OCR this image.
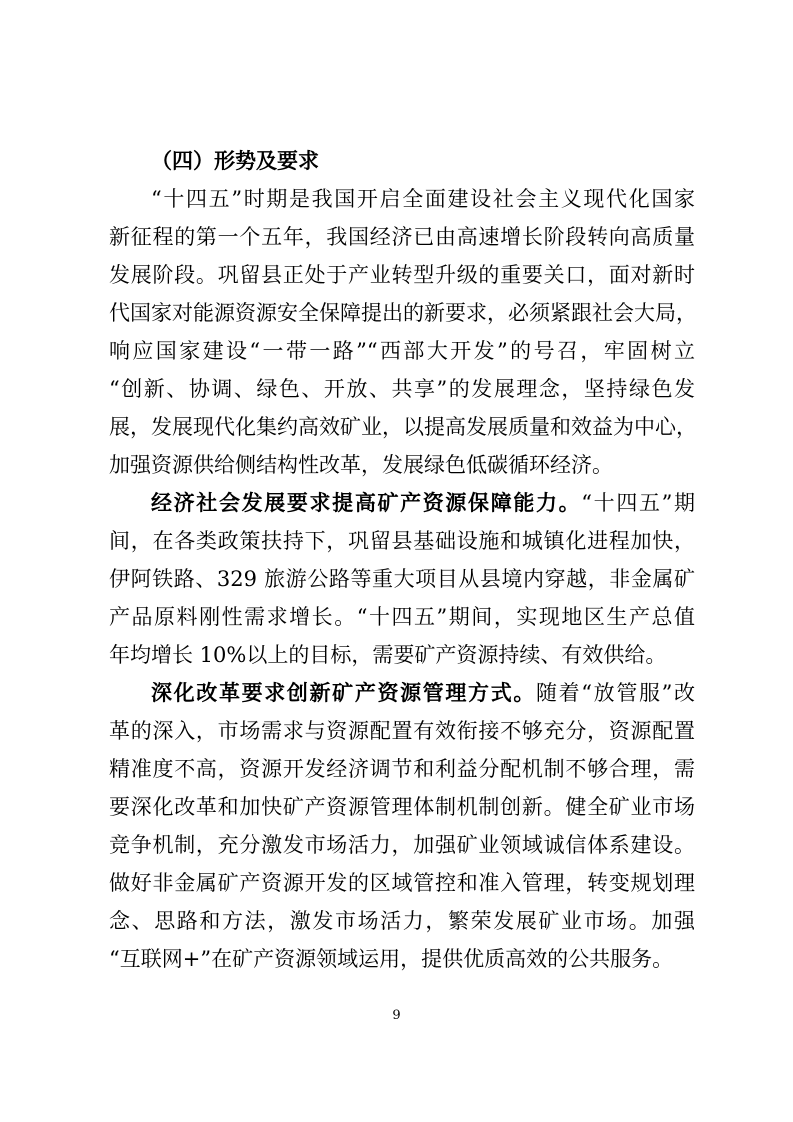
（四）形势及要求
“十四五”时期是我国开启全面建设社会主义现代化国家
新征程的第一个五年，我国经济已由高速增长阶段转向高质量
发展阶段。巩留县正处于产业转型升级的重要关口，面对新时
代国家对能源资源安全保障提出的新要求，必须紧跟社会大局，
响应国家建设“一带一路”“西部大开发”的号召，牢固树立
“创新、协调、绿色、开放、共享”的发展理念，坚持绿色发
展，发展现代化集约高效矿业，以提高发展质量和效益为中心，
加强资源供给侧结构性改革，发展绿色低碳循环经济。
经济社会发展要求提高矿产资源保障能力。“十四五”期
间，在各类政策扶持下，巩留县基础设施和城镇化进程加快，
伊阿铁路、329 旅游公路等重大项目从县境内穿越，非金属矿
产品原料刚性需求增长。“十四五”期间，实现地区生产总值
年均增长 10%以上的目标，需要矿产资源持续、有效供给。
深化改革要求创新矿产资源管理方式。随着“放管服”改
革的深入，市场需求与资源配置有效衔接不够充分，资源配置
精准度不高，资源开发经济调节和利益分配机制不够合理，需
要深化改革和加快矿产资源管理体制机制创新。健全矿业市场
竞争机制，充分激发市场活力，加强矿业领域诚信体系建设。
做好非金属矿产资源开发的区域管控和准入管理，转变规划理
念、思路和方法，激发市场活力，繁荣发展矿业市场。加强
“互联网+”在矿产资源领域运用，提供优质高效的公共服务。
9
